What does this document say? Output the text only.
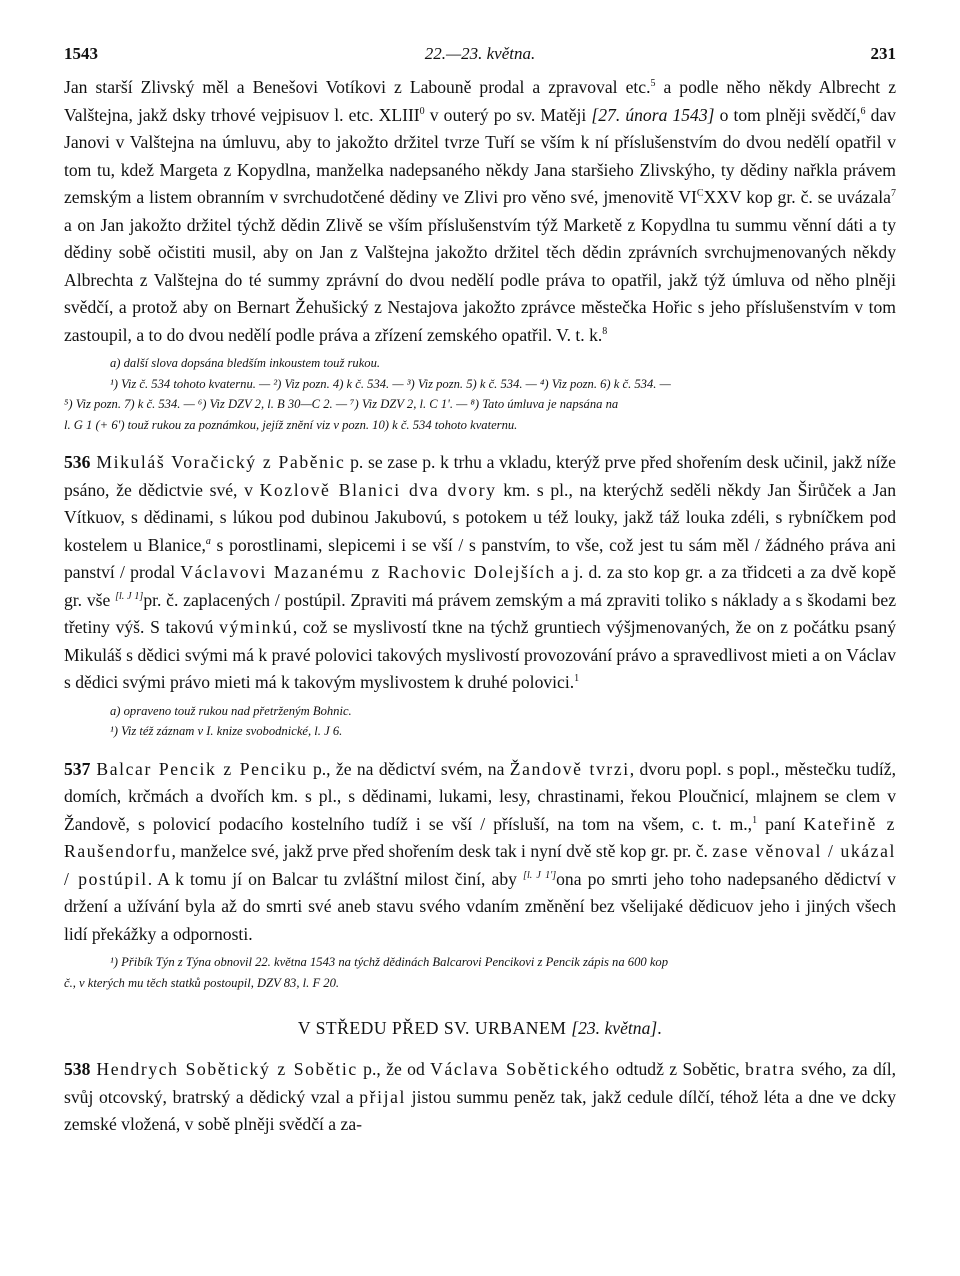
1543	22.—23. května.	231

Jan starší Zlivský měl a Benešovi Votíkovi z Labouně prodal a zpravoval etc.$^5$ a podle něho někdy Albrecht z Valštejna, jakž dsky trhové vejpisuov l. etc. XLIII$^0$ v outerý po sv. Matěji [27. února 1543] o tom plněji svědčí,$^6$ dav Janovi v Valštejna na úmluvu, aby to jakožto držitel tvrze Tuří se vším k ní příslušenstvím do dvou nedělí opatřil v tom tu, kdež Margeta z Kopydlna, manželka nadepsaného někdy Jana staršieho Zlivskýho, ty dědiny nařkla právem zemským a listem obranním v svrchudotčené dědiny ve Zlivi pro věno své, jmenovitě $VI^CXXV$ kop gr. č. se uvázala$^7$ a on Jan jakožto držitel týchž dědin Zlivě se vším příslušenstvím týž Marketě z Kopydlna tu summu věnní dáti a ty dědiny sobě očistiti musil, aby on Jan z Valštejna jakožto držitel těch dědin zprávních svrchujmenovaných někdy Albrechta z Valštejna do té summy zprávní do dvou nedělí podle práva to opatřil, jakž týž úmluva od něho plněji svědčí, a protož aby on Bernart Žehušický z Nestajova jakožto zprávce městečka Hořic s jeho příslušenstvím v tom zastoupil, a to do dvou nedělí podle práva a zřízení zemského opatřil. V. t. k.$^8$

a) další slova dopsána bledším inkoustem touž rukou.

¹) Viz č. 534 tohoto kvaternu. — ²) Viz pozn. 4) k č. 534. — ³) Viz pozn. 5) k č. 534. — ⁴) Viz pozn. 6) k č. 534. —

⁵) Viz pozn. 7) k č. 534. — ⁶) Viz DZV 2, l. B 30—C 2. — ⁷) Viz DZV 2, l. C 1'. — ⁸) Tato úmluva je napsána na

l. G 1 (+ 6') touž rukou za poznámkou, jejíž znění viz v pozn. 10) k č. 534 tohoto kvaternu.

536 Mikuláš Voračický z Paběnic p. se zase p. k trhu a vkladu, kterýž prve před shořením desk učinil, jakž níže psáno, že dědictvie své, v Kozlově Blanici dva dvory km. s pl., na kterýchž seděli někdy Jan Širůček a Jan Vítkuov, s dědinami, s lúkou pod dubinou Jakubovú, s potokem u též louky, jakž táž louka zdéli, s rybníčkem pod kostelem u Blanice,$^a$ s porostlinami, slepicemi i se vší / s panstvím, to vše, což jest tu sám měl / žádného práva ani panství / prodal Václavovi Mazanému z Rachovic Dolejších a j. d. za sto kop gr. a za třidceti a za dvě kopě gr. vše [l. J 1]pr. č. zaplacených / postúpil. Zpraviti má právem zemským a má zpraviti toliko s náklady a s škodami bez třetiny výš. S takovú výminkú, což se myslivostí tkne na týchž gruntiech výšjmenovaných, že on z počátku psaný Mikuláš s dědici svými má k pravé polovici takových myslivostí provozování právo a spravedlivost mieti a on Václav s dědici svými právo mieti má k takovým myslivostem k druhé polovici.$^1$

a) opraveno touž rukou nad přetrženým Bohnic.

¹) Viz též záznam v I. knize svobodnické, l. J 6.

537 Balcar Pencik z Penciku p., že na dědictví svém, na Žandově tvrzi, dvoru popl. s popl., městečku tudíž, domích, krčmách a dvořích km. s pl., s dědinami, lukami, lesy, chrastinami, řekou Ploučnicí, mlajnem se clem v Žandově, s polovicí podacího kostelního tudíž i se vší / přísluší, na tom na všem, c. t. m.,$^1$ paní Kateřině z Raušendorfu, manželce své, jakž prve před shořením desk tak i nyní dvě stě kop gr. pr. č. zase věnoval / ukázal / postúpil. A k tomu jí on Balcar tu zvláštní milost činí, aby [l. J 1']ona po smrti jeho toho nadepsaného dědictví v držení a užívání byla až do smrti své aneb stavu svého vdaním změnění bez všelijaké dědicuov jeho i jiných všech lidí překážky a odpornosti.

¹) Přibík Týn z Týna obnovil 22. května 1543 na týchž dědinách Balcarovi Pencikovi z Pencik zápis na 600 kop

č., v kterých mu těch statků postoupil, DZV 83, l. F 20.

V STŘEDU PŘED SV. URBANEM [23. května].

538 Hendrych Sobětický z Sobětic p., že od Václava Sobětického odtudž z Sobětic, bratra svého, za díl, svůj otcovský, bratrský a dědický vzal a přijal jistou summu peněz tak, jakž cedule dílčí, téhož léta a dne ve dcky zemské vložená, v sobě plněji svědčí a za-
